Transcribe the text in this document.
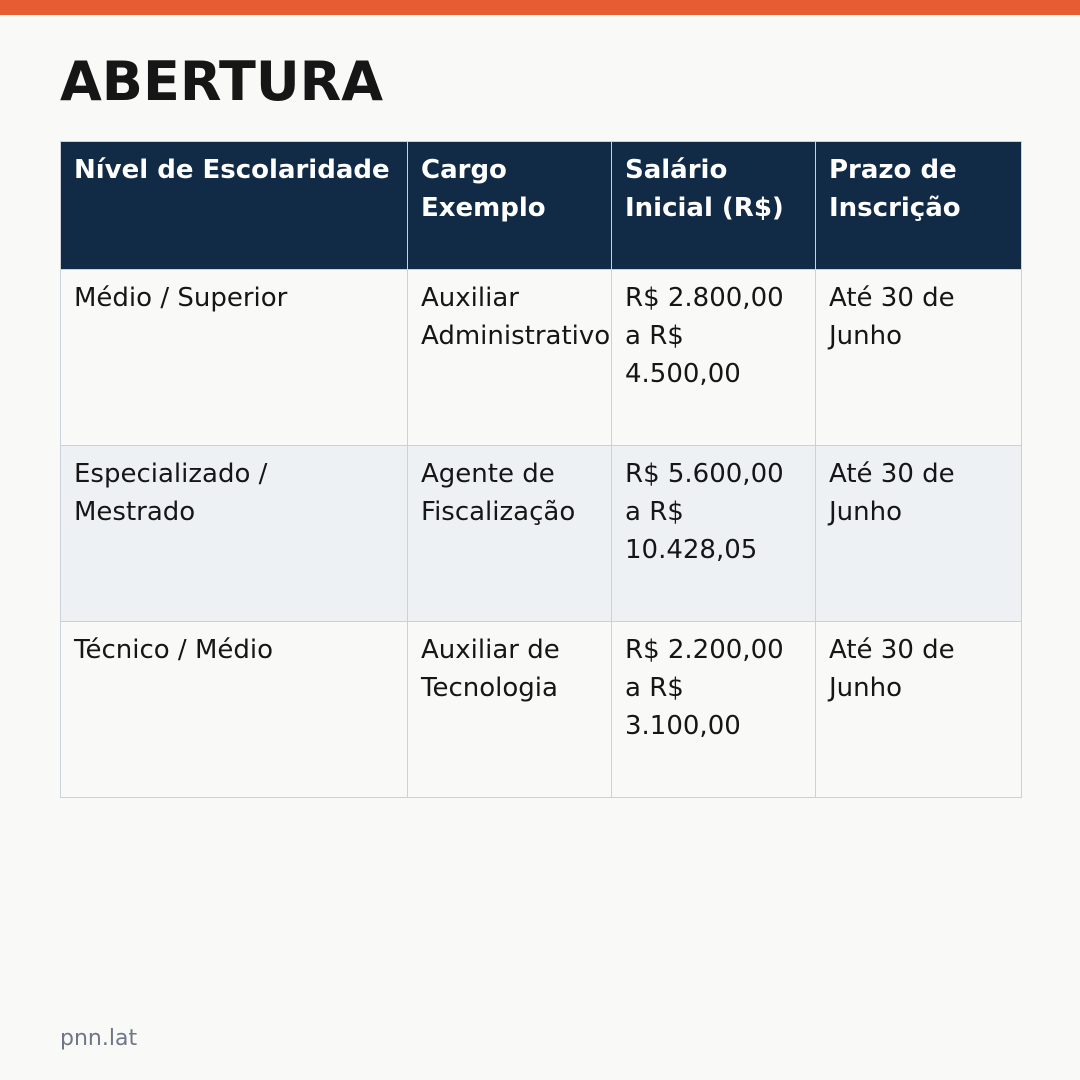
ABERTURA
Nível de Escolaridade	Cargo Exemplo	Salário Inicial (R$)	Prazo de Inscrição
Médio / Superior	Auxiliar Administrativo	R$ 2.800,00 a R$ 4.500,00	Até 30 de Junho
Especializado / Mestrado	Agente de Fiscalização	R$ 5.600,00 a R$ 10.428,05	Até 30 de Junho
Técnico / Médio	Auxiliar de Tecnologia	R$ 2.200,00 a R$ 3.100,00	Até 30 de Junho
pnn.lat
